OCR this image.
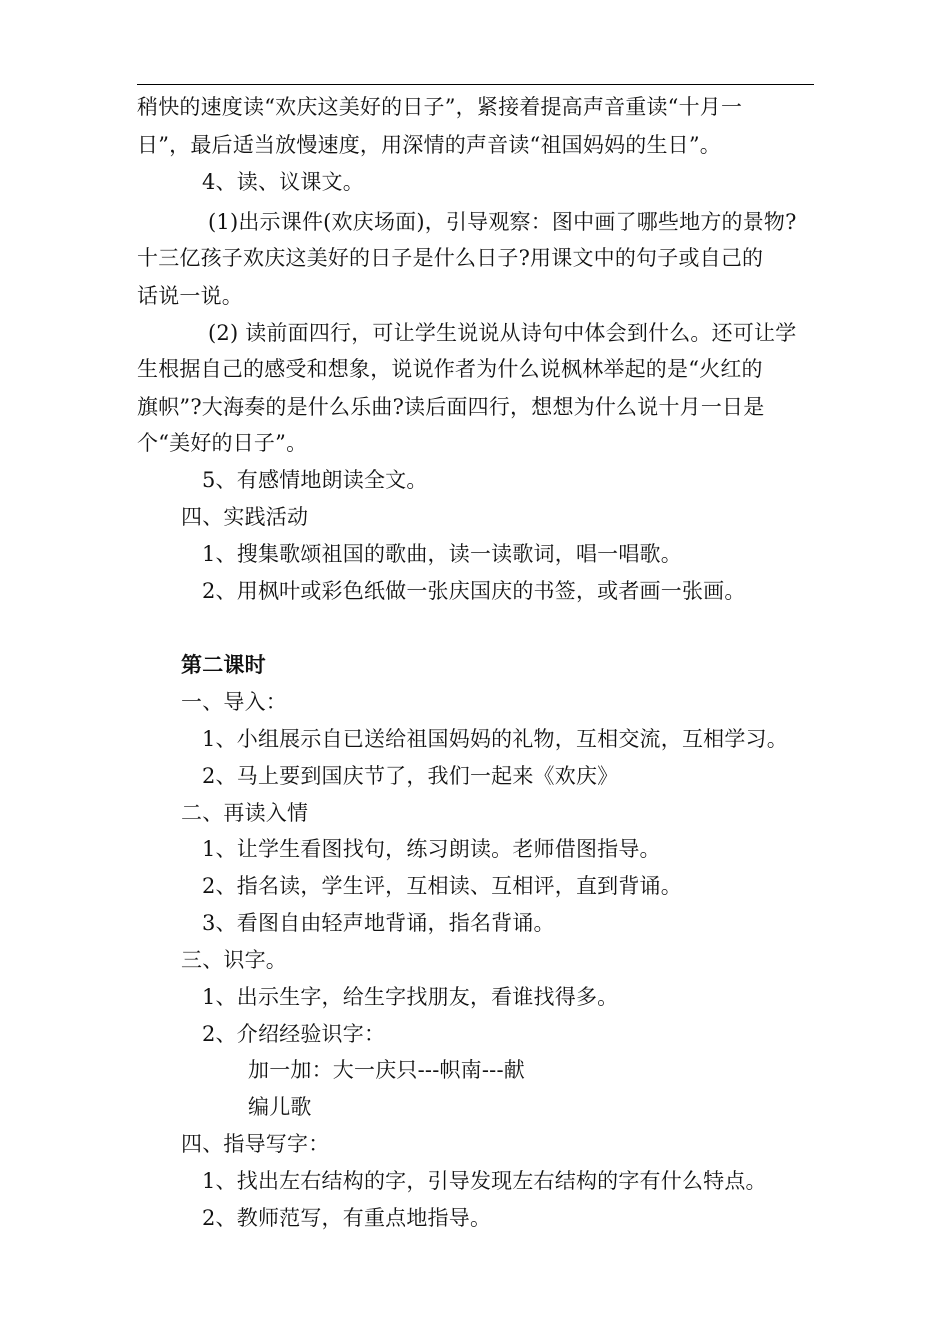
稍快的速度读“欢庆这美好的日子”，紧接着提高声音重读“十月一
日”，最后适当放慢速度，用深情的声音读“祖国妈妈的生日”。
4、读、议课文。
(1)出示课件(欢庆场面)，引导观察：图中画了哪些地方的景物?
十三亿孩子欢庆这美好的日子是什么日子?用课文中的句子或自己的
话说一说。
(2) 读前面四行，可让学生说说从诗句中体会到什么。还可让学
生根据自己的感受和想象，说说作者为什么说枫林举起的是“火红的
旗帜”?大海奏的是什么乐曲?读后面四行，想想为什么说十月一日是
个“美好的日子”。
5、有感情地朗读全文。
四、实践活动
1、搜集歌颂祖国的歌曲，读一读歌词，唱一唱歌。
2、用枫叶或彩色纸做一张庆国庆的书签，或者画一张画。
第二课时
一、导入：
1、小组展示自已送给祖国妈妈的礼物，互相交流，互相学习。
2、马上要到国庆节了，我们一起来《欢庆》
二、再读入情
1、让学生看图找句，练习朗读。老师借图指导。
2、指名读，学生评，互相读、互相评，直到背诵。
3、看图自由轻声地背诵，指名背诵。
三、识字。
1、出示生字，给生字找朋友，看谁找得多。
2、介绍经验识字：
加一加：大一庆只---帜南---献
编儿歌
四、指导写字：
1、找出左右结构的字，引导发现左右结构的字有什么特点。
2、教师范写，有重点地指导。
